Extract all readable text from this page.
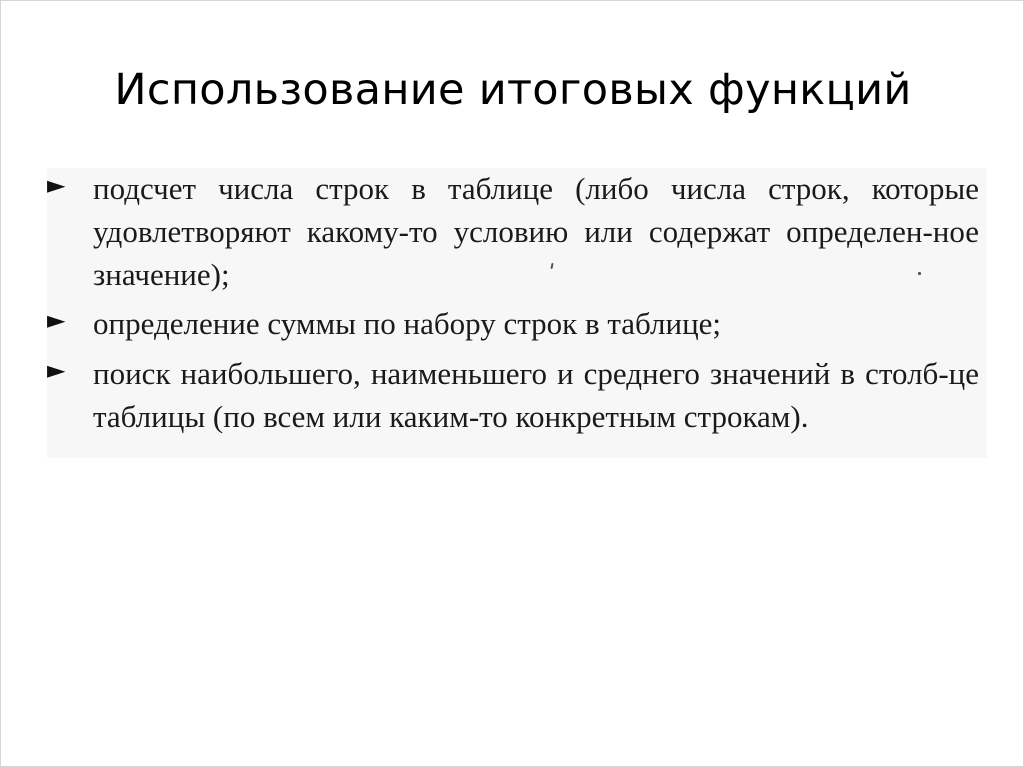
Использование итоговых функций
► подсчет числа строк в таблице (либо числа строк, которые удовлетворяют какому-то условию или содержат определен-ное значение);

► определение суммы по набору строк в таблице;

► поиск наибольшего, наименьшего и среднего значений в столб-це таблицы (по всем или каким-то конкретным строкам).
